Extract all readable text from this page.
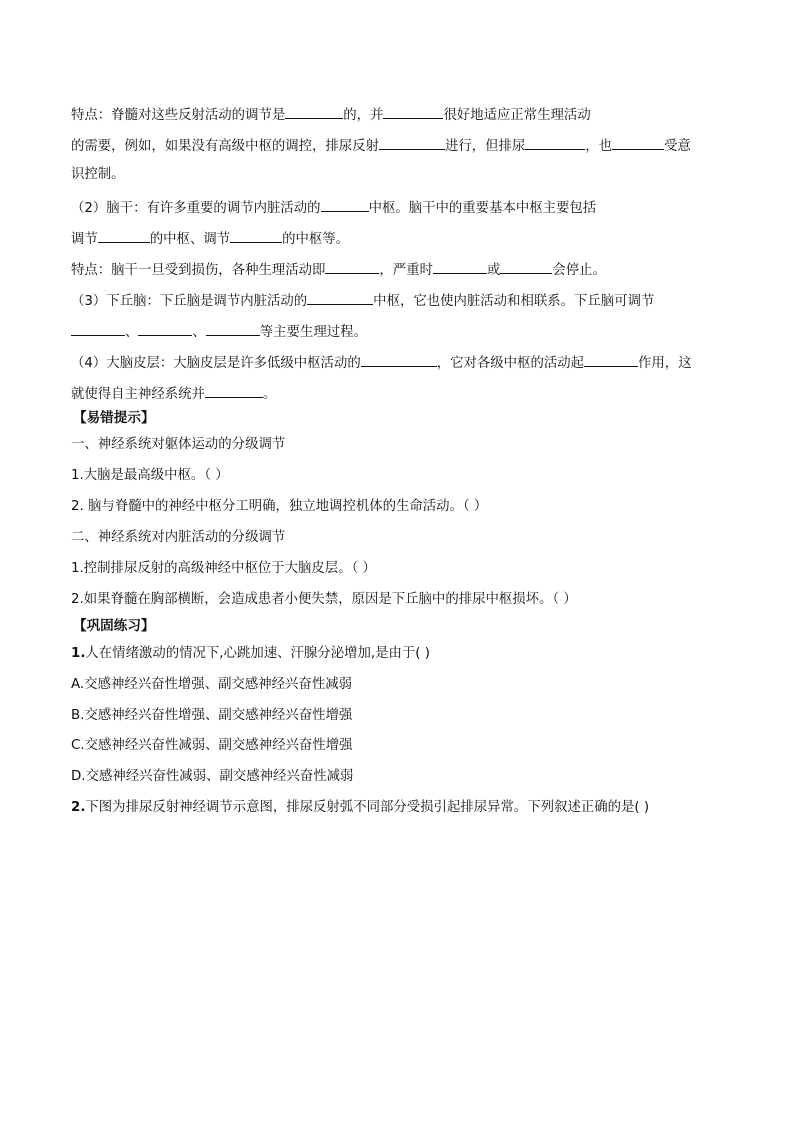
特点：脊髓对这些反射活动的调节是	的，并	很好地适应正常生理活动
的需要，例如，如果没有高级中枢的调控，排尿反射	进行，但排尿	，也	受意
识控制。
（2）脑干：有许多重要的调节内脏活动的	中枢。脑干中的重要基本中枢主要包括
调节	的中枢、调节	的中枢等。
特点：脑干一旦受到损伤，各种生理活动即	，严重时	或	会停止。
（3）下丘脑：下丘脑是调节内脏活动的	中枢，它也使内脏活动和相联系。下丘脑可调节
、	、	等主要生理过程。
（4）大脑皮层：大脑皮层是许多低级中枢活动的	，它对各级中枢的活动起	作用，这
就使得自主神经系统并	。
【易错提示】
一、神经系统对躯体运动的分级调节
1.大脑是最高级中枢。（ ）
2. 脑与脊髓中的神经中枢分工明确，独立地调控机体的生命活动。（ ）
二、神经系统对内脏活动的分级调节
1.控制排尿反射的高级神经中枢位于大脑皮层。（ ）
2.如果脊髓在胸部横断，会造成患者小便失禁，原因是下丘脑中的排尿中枢损坏。（ ）
【巩固练习】
1.人在情绪激动的情况下,心跳加速、汗腺分泌增加,是由于( )
A.交感神经兴奋性增强、副交感神经兴奋性减弱
B.交感神经兴奋性增强、副交感神经兴奋性增强
C.交感神经兴奋性减弱、副交感神经兴奋性增强
D.交感神经兴奋性减弱、副交感神经兴奋性减弱
2.下图为排尿反射神经调节示意图，排尿反射弧不同部分受损引起排尿异常。下列叙述正确的是( )
